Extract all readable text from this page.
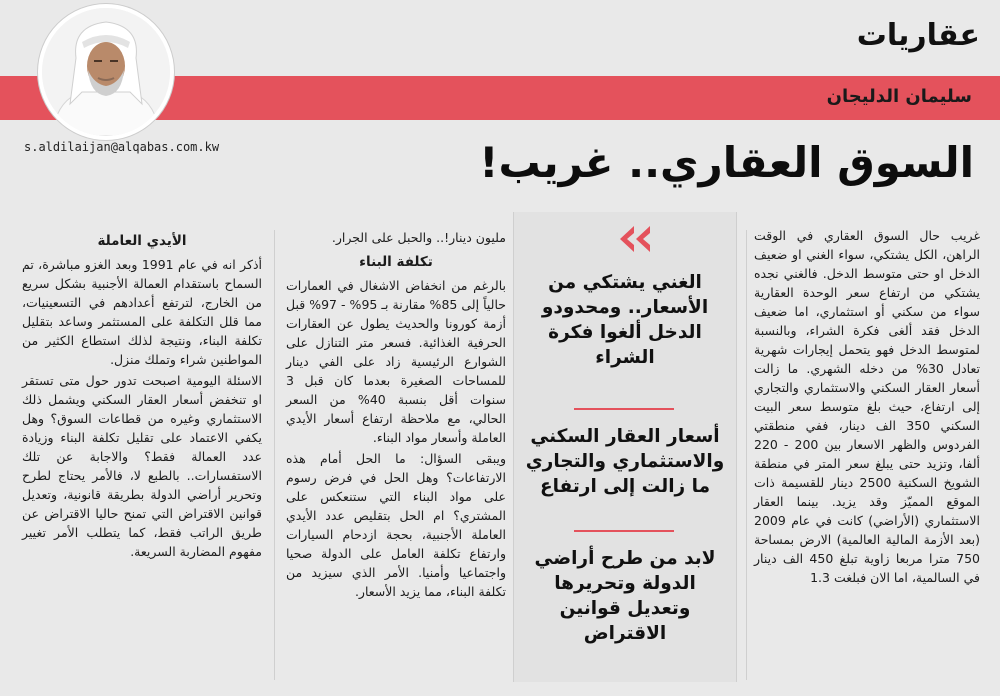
عقاريات
سليمان الدليجان
s.aldilaijan@alqabas.com.kw	السوق العقاري.. غريب!

غريب حال السوق العقاري في الوقت الراهن، الكل يشتكي، سواء الغني او ضعيف الدخل او حتى متوسط الدخل. فالغني نجده يشتكي من ارتفاع سعر الوحدة العقارية سواء من سكني أو استثماري، اما ضعيف الدخل فقد ألغى فكرة الشراء، وبالنسبة لمتوسط الدخل فهو يتحمل إيجارات شهرية تعادل 30% من دخله الشهري. ما زالت أسعار العقار السكني والاستثماري والتجاري إلى ارتفاع، حيث بلغ متوسط سعر البيت السكني 350 الف دينار، ففي منطقتي الفردوس والظهر الاسعار بين 200 - 220 ألفا، وتزيد حتى يبلغ سعر المتر في منطقة الشويخ السكنية 2500 دينار للقسيمة ذات الموقع المميّز وقد يزيد. بينما العقار الاستثماري (الأراضي) كانت في عام 2009 (بعد الأزمة المالية العالمية) الارض بمساحة 750 مترا مربعا زاوية تبلغ 450 الف دينار في السالمية، اما الان فبلغت 1.3

الغني يشتكي من الأسعار.. ومحدودو الدخل ألغوا فكرة الشراء
أسعار العقار السكني والاستثماري والتجاري ما زالت إلى ارتفاع
لابد من طرح أراضي الدولة وتحريرها وتعديل قوانين الاقتراض

مليون دينار!.. والحبل على الجرار.

تكلفة البناء

بالرغم من انخفاض الاشغال في العمارات حالياً إلى 85% مقارنة بـ 95% - 97% قبل أزمة كورونا والحديث يطول عن العقارات الحرفية الغذائية. فسعر متر التنازل على الشوارع الرئيسية زاد على الفي دينار للمساحات الصغيرة بعدما كان قبل 3 سنوات أقل بنسبة 40% من السعر الحالي، مع ملاحظة ارتفاع أسعار الأيدي العاملة وأسعار مواد البناء.

ويبقى السؤال: ما الحل أمام هذه الارتفاعات؟ وهل الحل في فرض رسوم على مواد البناء التي ستنعكس على المشتري؟ ام الحل بتقليص عدد الأيدي العاملة الأجنبية، بحجة ازدحام السيارات وارتفاع تكلفة العامل على الدولة صحيا واجتماعيا وأمنيا. الأمر الذي سيزيد من تكلفة البناء، مما يزيد الأسعار.

الأيدي العاملة

أذكر انه في عام 1991 وبعد الغزو مباشرة، تم السماح باستقدام العمالة الأجنبية بشكل سريع من الخارج، لترتفع أعدادهم في التسعينيات، مما قلل التكلفة على المستثمر وساعد بتقليل تكلفة البناء، ونتيجة لذلك استطاع الكثير من المواطنين شراء وتملك منزل.

الاسئلة اليومية اصبحت تدور حول متى تستقر او تنخفض أسعار العقار السكني ويشمل ذلك الاستثماري وغيره من قطاعات السوق؟ وهل يكفي الاعتماد على تقليل تكلفة البناء وزيادة عدد العمالة فقط؟ والاجابة عن تلك الاستفسارات.. بالطبع لا، فالأمر يحتاج لطرح وتحرير أراضي الدولة بطريقة قانونية، وتعديل قوانين الاقتراض التي تمنح حاليا الاقتراض عن طريق الراتب فقط، كما يتطلب الأمر تغيير مفهوم المضاربة السريعة.
